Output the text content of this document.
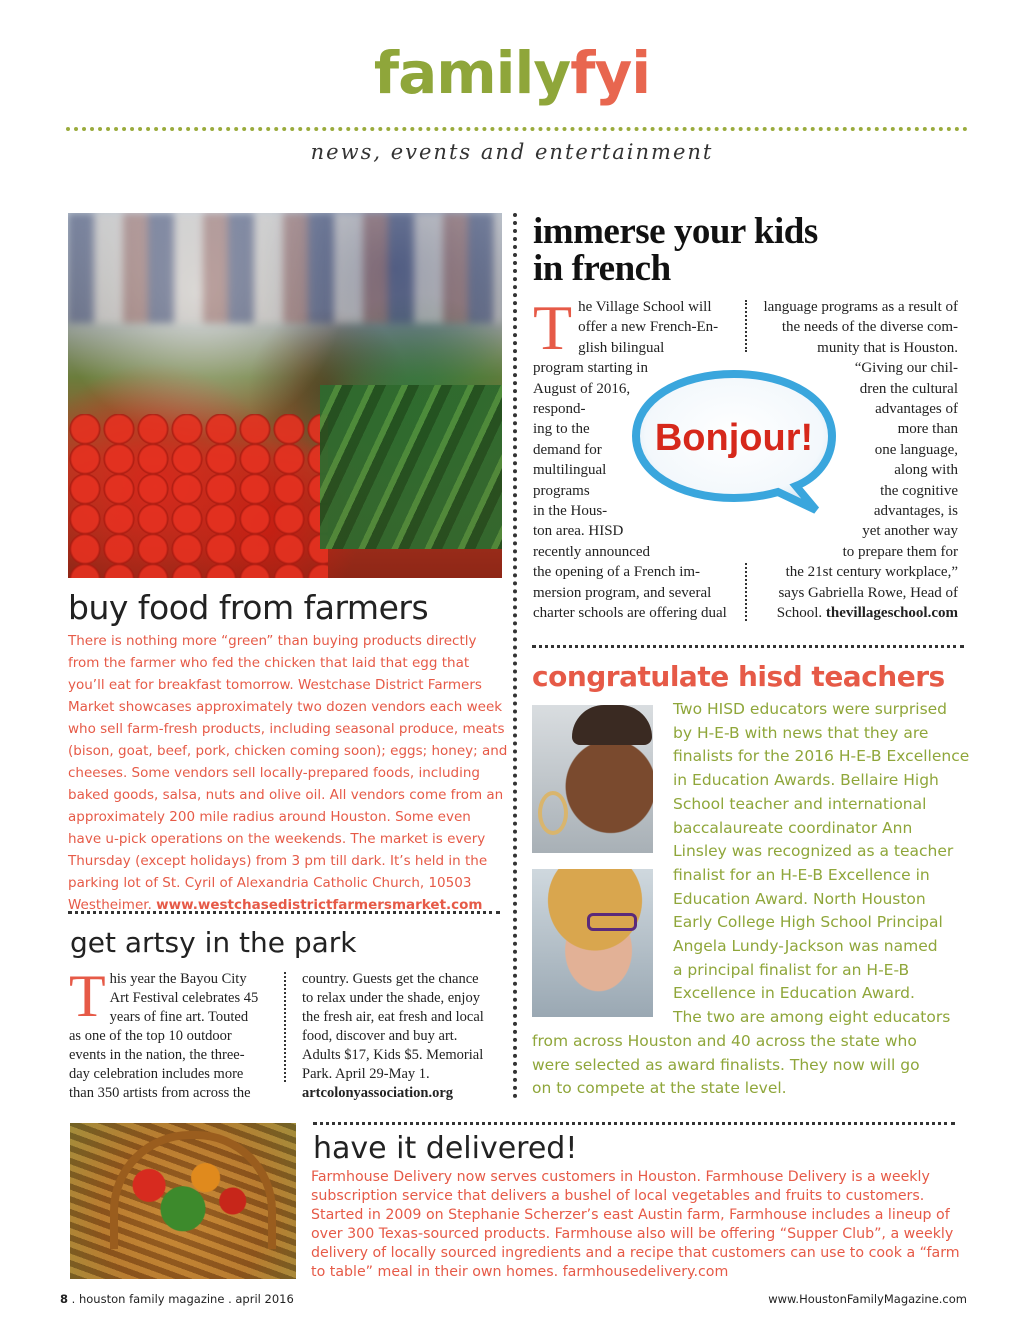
familyfyi
news, events and entertainment
buy food from farmers
There is nothing more “green” than buying products directly from the farmer who fed the chicken that laid that egg that you’ll eat for breakfast tomorrow. Westchase District Farmers Market showcases approximately two dozen vendors each week who sell farm-fresh products, including seasonal produce, meats (bison, goat, beef, pork, chicken coming soon); eggs; honey; and cheeses. Some vendors sell locally-prepared foods, including baked goods, salsa, nuts and olive oil. All vendors come from an approximately 200 mile radius around Houston. Some even have u-pick operations on the weekends. The market is every Thursday (except holidays) from 3 pm till dark. It’s held in the parking lot of St. Cyril of Alexandria Catholic Church, 10503 Westheimer. www.westchasedistrictfarmersmarket.com
get artsy in the park
T his year the Bayou City
Art Festival celebrates 45
years of fine art. Touted
as one of the top 10 outdoor
events in the nation, the three-
day celebration includes more
than 350 artists from across the
country. Guests get the chance
to relax under the shade, enjoy
the fresh air, eat fresh and local
food, discover and buy art.
Adults $17, Kids $5. Memorial
Park. April 29-May 1.
artcolonyassociation.org
immerse your kids
in french
T he Village School will
offer a new French-En-
glish bilingual
program starting in
August of 2016,
respond-
ing to the
demand for
multilingual
programs
in the Hous-
ton area. HISD
recently announced
the opening of a French im-
mersion program, and several
charter schools are offering dual
language programs as a result of
the needs of the diverse com-
munity that is Houston.
“Giving our chil-
dren the cultural
advantages of
more than
one language,
along with
the cognitive
advantages, is
yet another way
to prepare them for
the 21st century workplace,”
says Gabriella Rowe, Head of
School. thevillageschool.com
Bonjour!
congratulate hisd teachers
Two HISD educators were surprised
by H-E-B with news that they are
finalists for the 2016 H-E-B Excellence
in Education Awards. Bellaire High
School teacher and international
baccalaureate coordinator Ann
Linsley was recognized as a teacher
finalist for an H-E-B Excellence in
Education Award. North Houston
Early College High School Principal
Angela Lundy-Jackson was named
a principal finalist for an H-E-B
Excellence in Education Award.
The two are among eight educators
from across Houston and 40 across the state who
were selected as award finalists. They now will go
on to compete at the state level.
have it delivered!
Farmhouse Delivery now serves customers in Houston. Farmhouse Delivery is a weekly subscription service that delivers a bushel of local vegetables and fruits to customers. Started in 2009 on Stephanie Scherzer’s east Austin farm, Farmhouse includes a lineup of over 300 Texas-sourced products. Farmhouse also will be offering “Supper Club”, a weekly delivery of locally sourced ingredients and a recipe that customers can use to cook a “farm to table” meal in their own homes. farmhousedelivery.com
8 . houston family magazine . april 2016	www.HoustonFamilyMagazine.com
